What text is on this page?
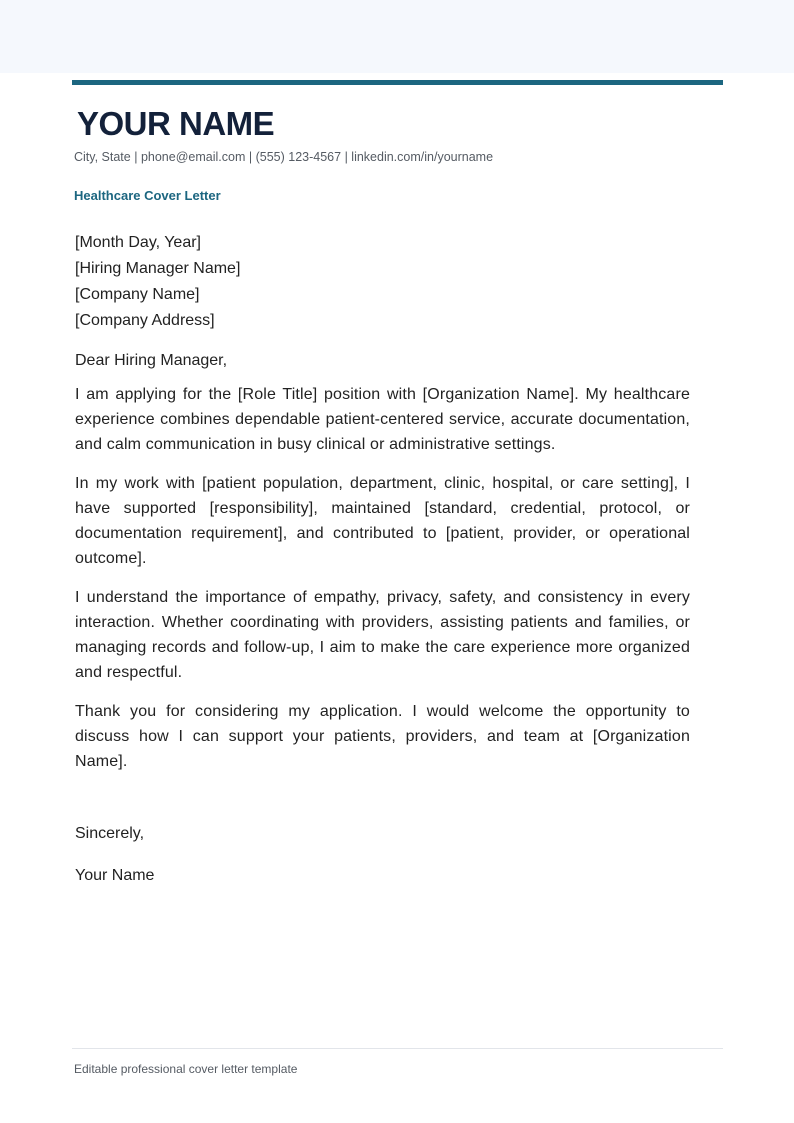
YOUR NAME
City, State | phone@email.com | (555) 123-4567 | linkedin.com/in/yourname
Healthcare Cover Letter
[Month Day, Year]
[Hiring Manager Name]
[Company Name]
[Company Address]
Dear Hiring Manager,

I am applying for the [Role Title] position with [Organization Name]. My healthcare experience combines dependable patient-centered service, accurate documentation, and calm communication in busy clinical or administrative settings.

In my work with [patient population, department, clinic, hospital, or care setting], I have supported [responsibility], maintained [standard, credential, protocol, or documentation requirement], and contributed to [patient, provider, or operational outcome].

I understand the importance of empathy, privacy, safety, and consistency in every interaction. Whether coordinating with providers, assisting patients and families, or managing records and follow-up, I aim to make the care experience more organized and respectful.

Thank you for considering my application. I would welcome the opportunity to discuss how I can support your patients, providers, and team at [Organization Name].

Sincerely,
Your Name
Editable professional cover letter template
